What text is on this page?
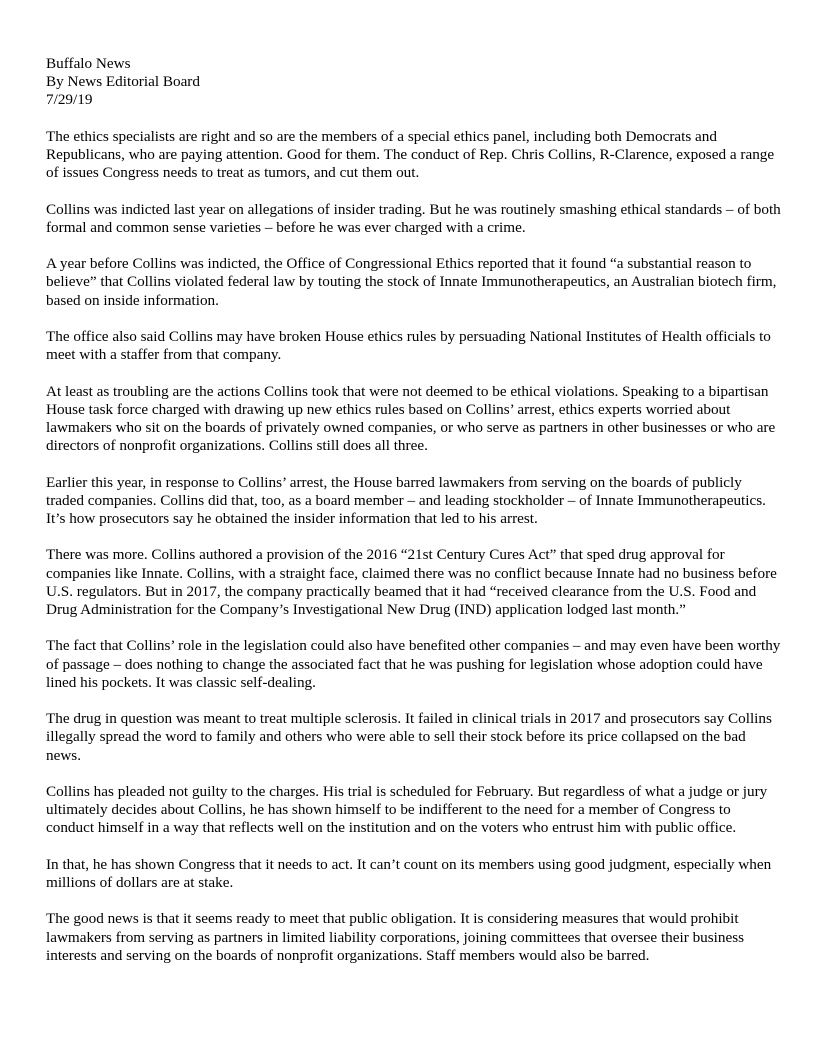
Buffalo News
By News Editorial Board
7/29/19

The ethics specialists are right and so are the members of a special ethics panel, including both Democrats and Republicans, who are paying attention. Good for them. The conduct of Rep. Chris Collins, R-Clarence, exposed a range of issues Congress needs to treat as tumors, and cut them out.

Collins was indicted last year on allegations of insider trading. But he was routinely smashing ethical standards – of both formal and common sense varieties – before he was ever charged with a crime.

A year before Collins was indicted, the Office of Congressional Ethics reported that it found “a substantial reason to believe” that Collins violated federal law by touting the stock of Innate Immunotherapeutics, an Australian biotech firm, based on inside information.

The office also said Collins may have broken House ethics rules by persuading National Institutes of Health officials to meet with a staffer from that company.

At least as troubling are the actions Collins took that were not deemed to be ethical violations. Speaking to a bipartisan House task force charged with drawing up new ethics rules based on Collins’ arrest, ethics experts worried about lawmakers who sit on the boards of privately owned companies, or who serve as partners in other businesses or who are directors of nonprofit organizations. Collins still does all three.

Earlier this year, in response to Collins’ arrest, the House barred lawmakers from serving on the boards of publicly traded companies. Collins did that, too, as a board member – and leading stockholder – of Innate Immunotherapeutics. It’s how prosecutors say he obtained the insider information that led to his arrest.

There was more. Collins authored a provision of the 2016 “21st Century Cures Act” that sped drug approval for companies like Innate. Collins, with a straight face, claimed there was no conflict because Innate had no business before U.S. regulators. But in 2017, the company practically beamed that it had “received clearance from the U.S. Food and Drug Administration for the Company’s Investigational New Drug (IND) application lodged last month.”

The fact that Collins’ role in the legislation could also have benefited other companies – and may even have been worthy of passage – does nothing to change the associated fact that he was pushing for legislation whose adoption could have lined his pockets. It was classic self-dealing.

The drug in question was meant to treat multiple sclerosis. It failed in clinical trials in 2017 and prosecutors say Collins illegally spread the word to family and others who were able to sell their stock before its price collapsed on the bad news.

Collins has pleaded not guilty to the charges. His trial is scheduled for February. But regardless of what a judge or jury ultimately decides about Collins, he has shown himself to be indifferent to the need for a member of Congress to conduct himself in a way that reflects well on the institution and on the voters who entrust him with public office.

In that, he has shown Congress that it needs to act. It can’t count on its members using good judgment, especially when millions of dollars are at stake.

The good news is that it seems ready to meet that public obligation. It is considering measures that would prohibit lawmakers from serving as partners in limited liability corporations, joining committees that oversee their business interests and serving on the boards of nonprofit organizations. Staff members would also be barred.
